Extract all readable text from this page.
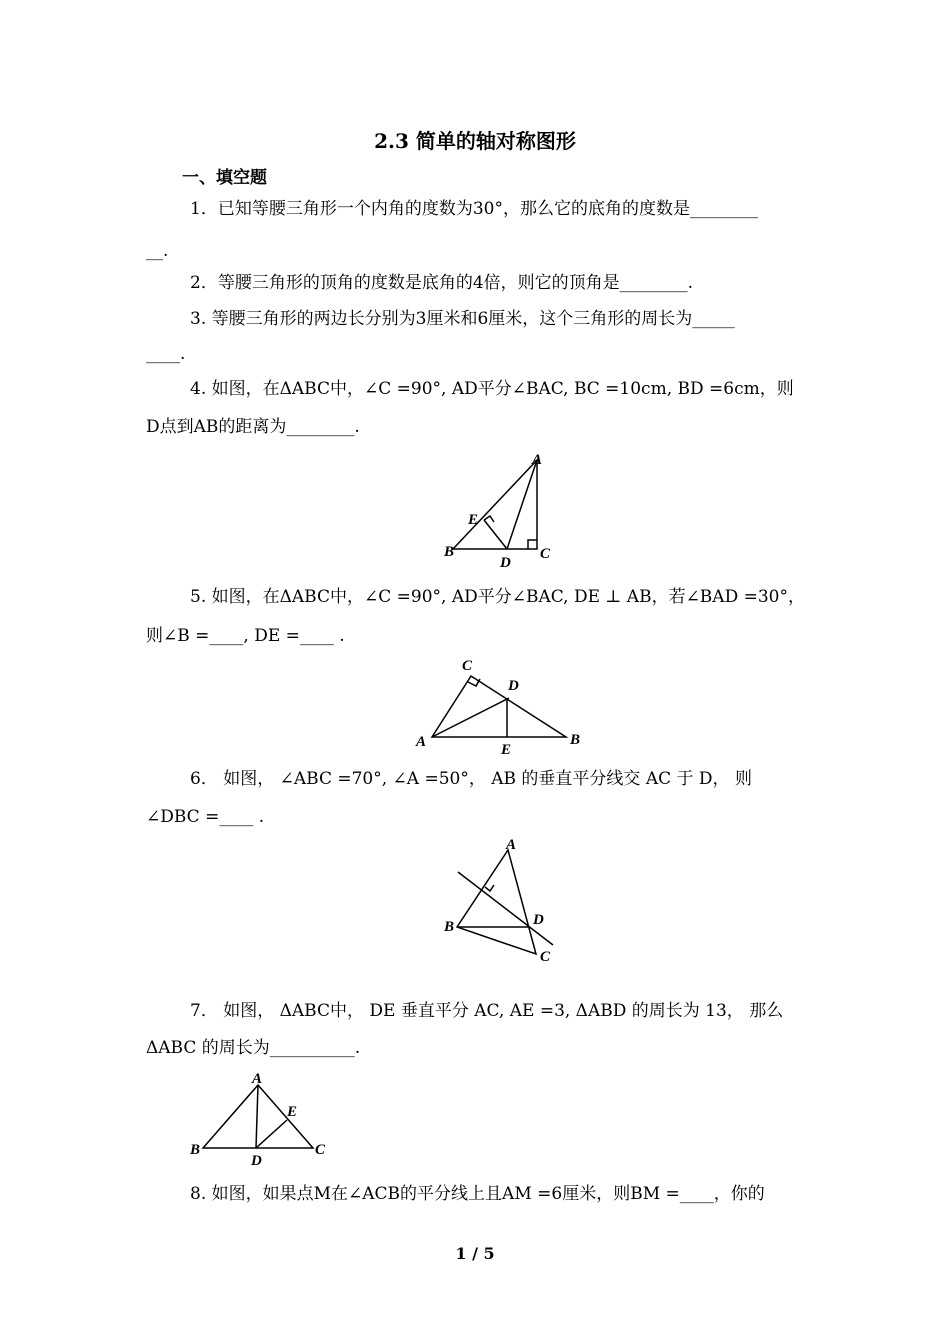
2.3 简单的轴对称图形
一、填空题
1．已知等腰三角形一个内角的度数为30°，那么它的底角的度数是________
__.
2．等腰三角形的顶角的度数是底角的4倍，则它的顶角是________.
3. 等腰三角形的两边长分别为3厘米和6厘米，这个三角形的周长为_____
____.
4. 如图，在ΔABC中，∠C =90°, AD平分∠BAC, BC =10cm, BD =6cm，则
D点到AB的距离为________.
A
E
B
D
C
5. 如图，在ΔABC中，∠C =90°, AD平分∠BAC, DE ⊥ AB，若∠BAD =30°，
则∠B =____, DE =____ .
C
D
A	E
B
6． 如图， ∠ABC =70°, ∠A =50°， AB 的垂直平分线交 AC 于 D， 则
∠DBC =____ .
A
B	D
C
7． 如图， ΔABC中， DE 垂直平分 AC, AE =3, ΔABD 的周长为 13， 那么
ΔABC 的周长为__________.
A
E
B
D
C
8. 如图，如果点M在∠ACB的平分线上且AM =6厘米，则BM =____，你的
1 / 5
